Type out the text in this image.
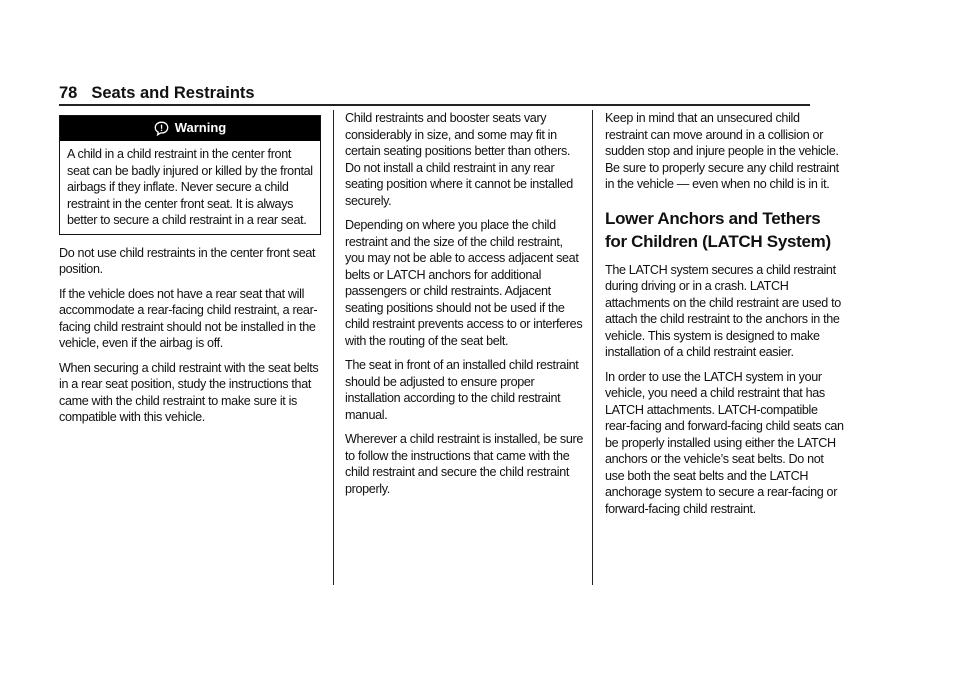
78 Seats and Restraints
Warning
A child in a child restraint in the center front seat can be badly injured or killed by the frontal airbags if they inflate. Never secure a child restraint in the center front seat. It is always better to secure a child restraint in a rear seat.

Do not use child restraints in the center front seat position.

If the vehicle does not have a rear seat that will accommodate a rear-facing child restraint, a rear-facing child restraint should not be installed in the vehicle, even if the airbag is off.

When securing a child restraint with the seat belts in a rear seat position, study the instructions that came with the child restraint to make sure it is compatible with this vehicle.

Child restraints and booster seats vary considerably in size, and some may fit in certain seating positions better than others. Do not install a child restraint in any rear seating position where it cannot be installed securely.

Depending on where you place the child restraint and the size of the child restraint, you may not be able to access adjacent seat belts or LATCH anchors for additional passengers or child restraints. Adjacent seating positions should not be used if the child restraint prevents access to or interferes with the routing of the seat belt.

The seat in front of an installed child restraint should be adjusted to ensure proper installation according to the child restraint manual.

Wherever a child restraint is installed, be sure to follow the instructions that came with the child restraint and secure the child restraint properly.

Keep in mind that an unsecured child restraint can move around in a collision or sudden stop and injure people in the vehicle. Be sure to properly secure any child restraint in the vehicle — even when no child is in it.

Lower Anchors and Tethers for Children (LATCH System)

The LATCH system secures a child restraint during driving or in a crash. LATCH attachments on the child restraint are used to attach the child restraint to the anchors in the vehicle. This system is designed to make installation of a child restraint easier.

In order to use the LATCH system in your vehicle, you need a child restraint that has LATCH attachments. LATCH-compatible rear-facing and forward-facing child seats can be properly installed using either the LATCH anchors or the vehicle’s seat belts. Do not use both the seat belts and the LATCH anchorage system to secure a rear-facing or forward-facing child restraint.
